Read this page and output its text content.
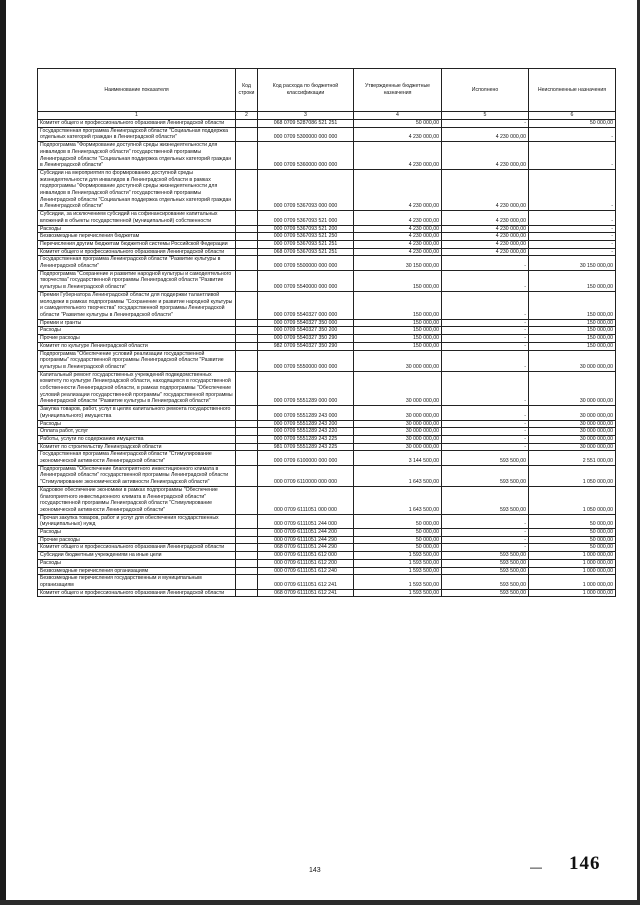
Наименование показателя	Код строки	Код расхода по бюджетной классификации	Утвержденные бюджетные назначения	Исполнено	Неисполненные назначения
1	2	3	4	5	6
Комитет общего и профессионального образования Ленинградской области		068 0709 5287086 521 251	50 000,00	-	50 000,00
Государственная программа Ленинградской области "Социальная поддержка отдельных категорий граждан в Ленинградской области"		000 0709 5300000 000 000	4 230 000,00	4 230 000,00	-
Подпрограмма "Формирование доступной среды жизнедеятельности для инвалидов в Ленинградской области" государственной программы Ленинградской области "Социальная поддержка отдельных категорий граждан в Ленинградской области"		000 0709 5360000 000 000	4 230 000,00	4 230 000,00	-
Субсидии на мероприятия по формированию доступной среды жизнедеятельности для инвалидов в Ленинградской области в рамках подпрограммы "Формирование доступной среды жизнедеятельности для инвалидов в Ленинградской области" государственной программы Ленинградской области "Социальная поддержка отдельных категорий граждан в Ленинградской области"		000 0709 5367093 000 000	4 230 000,00	4 230 000,00	-
Субсидии, за исключением субсидий на софинансирование капитальных вложений в объекты государственной (муниципальной) собственности		000 0709 5367093 521 000	4 230 000,00	4 230 000,00	-
Расходы		000 0709 5367093 521 200	4 230 000,00	4 230 000,00	-
Безвозмездные перечисления бюджетам		000 0709 5367093 521 250	4 230 000,00	4 230 000,00	-
Перечисления другим бюджетам бюджетной системы Российской Федерации		000 0709 5367093 521 251	4 230 000,00	4 230 000,00	-
Комитет общего и профессионального образования Ленинградской области		068 0709 5367093 521 251	4 230 000,00	4 230 000,00	-
Государственная программа Ленинградской области "Развитие культуры в Ленинградской области"		000 0709 5500000 000 000	30 150 000,00	-	30 150 000,00
Подпрограмма "Сохранение и развитие народной культуры и самодеятельного творчества" государственной программы Ленинградской области "Развитие культуры в Ленинградской области"		000 0709 5540000 000 000	150 000,00	-	150 000,00
Премии Губернатора Ленинградской области для поддержки талантливой молодежи в рамках подпрограммы "Сохранение и развитие народной культуры и самодеятельного творчества" государственной программы Ленинградской области "Развитие культуры в Ленинградской области"		000 0709 5540327 000 000	150 000,00	-	150 000,00
Премии и гранты		000 0709 5540327 350 000	150 000,00	-	150 000,00
Расходы		000 0709 5540327 350 200	150 000,00	-	150 000,00
Прочие расходы		000 0709 5540327 350 290	150 000,00	-	150 000,00
Комитет по культуре Ленинградской области		982 0709 5540327 350 290	150 000,00	-	150 000,00
Подпрограмма "Обеспечение условий реализации государственной программы" государственной программы Ленинградской области "Развитие культуры в Ленинградской области"		000 0709 5550000 000 000	30 000 000,00	-	30 000 000,00
Капитальный ремонт государственных учреждений подведомственных комитету по культуре Ленинградской области, находящихся в государственной собственности Ленинградской области, в рамках подпрограммы "Обеспечение условий реализации государственной программы" государственной программы Ленинградской области "Развитие культуры в Ленинградской области"		000 0709 5551289 000 000	30 000 000,00	-	30 000 000,00
Закупка товаров, работ, услуг в целях капитального ремонта государственного (муниципального) имущества		000 0709 5551289 243 000	30 000 000,00	-	30 000 000,00
Расходы		000 0709 5551289 243 200	30 000 000,00	-	30 000 000,00
Оплата работ, услуг		000 0709 5551289 243 220	30 000 000,00	-	30 000 000,00
Работы, услуги по содержанию имущества		000 0709 5551289 243 225	30 000 000,00	-	30 000 000,00
Комитет по строительству Ленинградской области		981 0709 5551289 243 225	30 000 000,00	-	30 000 000,00
Государственная программа Ленинградской области "Стимулирование экономической активности Ленинградской области"		000 0709 6100000 000 000	3 144 500,00	593 500,00	2 551 000,00
Подпрограмма "Обеспечение благоприятного инвестиционного климата в Ленинградской области" государственной программы Ленинградской области "Стимулирование экономической активности Ленинградской области"		000 0709 6110000 000 000	1 643 500,00	593 500,00	1 050 000,00
Кадровое обеспечение экономики в рамках подпрограммы "Обеспечение благоприятного инвестиционного климата в Ленинградской области" государственной программы Ленинградской области "Стимулирование экономической активности Ленинградской области"		000 0709 6111051 000 000	1 643 500,00	593 500,00	1 050 000,00
Прочая закупка товаров, работ и услуг для обеспечения государственных (муниципальных) нужд		000 0709 6111051 244 000	50 000,00	-	50 000,00
Расходы		000 0709 6111051 244 200	50 000,00	-	50 000,00
Прочие расходы		000 0709 6111051 244 290	50 000,00	-	50 000,00
Комитет общего и профессионального образования Ленинградской области		068 0709 6111051 244 290	50 000,00	-	50 000,00
Субсидии бюджетным учреждениям на иные цели		000 0709 6111051 612 000	1 593 500,00	593 500,00	1 000 000,00
Расходы		000 0709 6111051 612 200	1 593 500,00	593 500,00	1 000 000,00
Безвозмездные перечисления организациям		000 0709 6111051 612 240	1 593 500,00	593 500,00	1 000 000,00
Безвозмездные перечисления государственным и муниципальным организациям		000 0709 6111051 612 241	1 593 500,00	593 500,00	1 000 000,00
Комитет общего и профессионального образования Ленинградской области		068 0709 6111051 612 241	1 593 500,00	593 500,00	1 000 000,00
143	— 146
